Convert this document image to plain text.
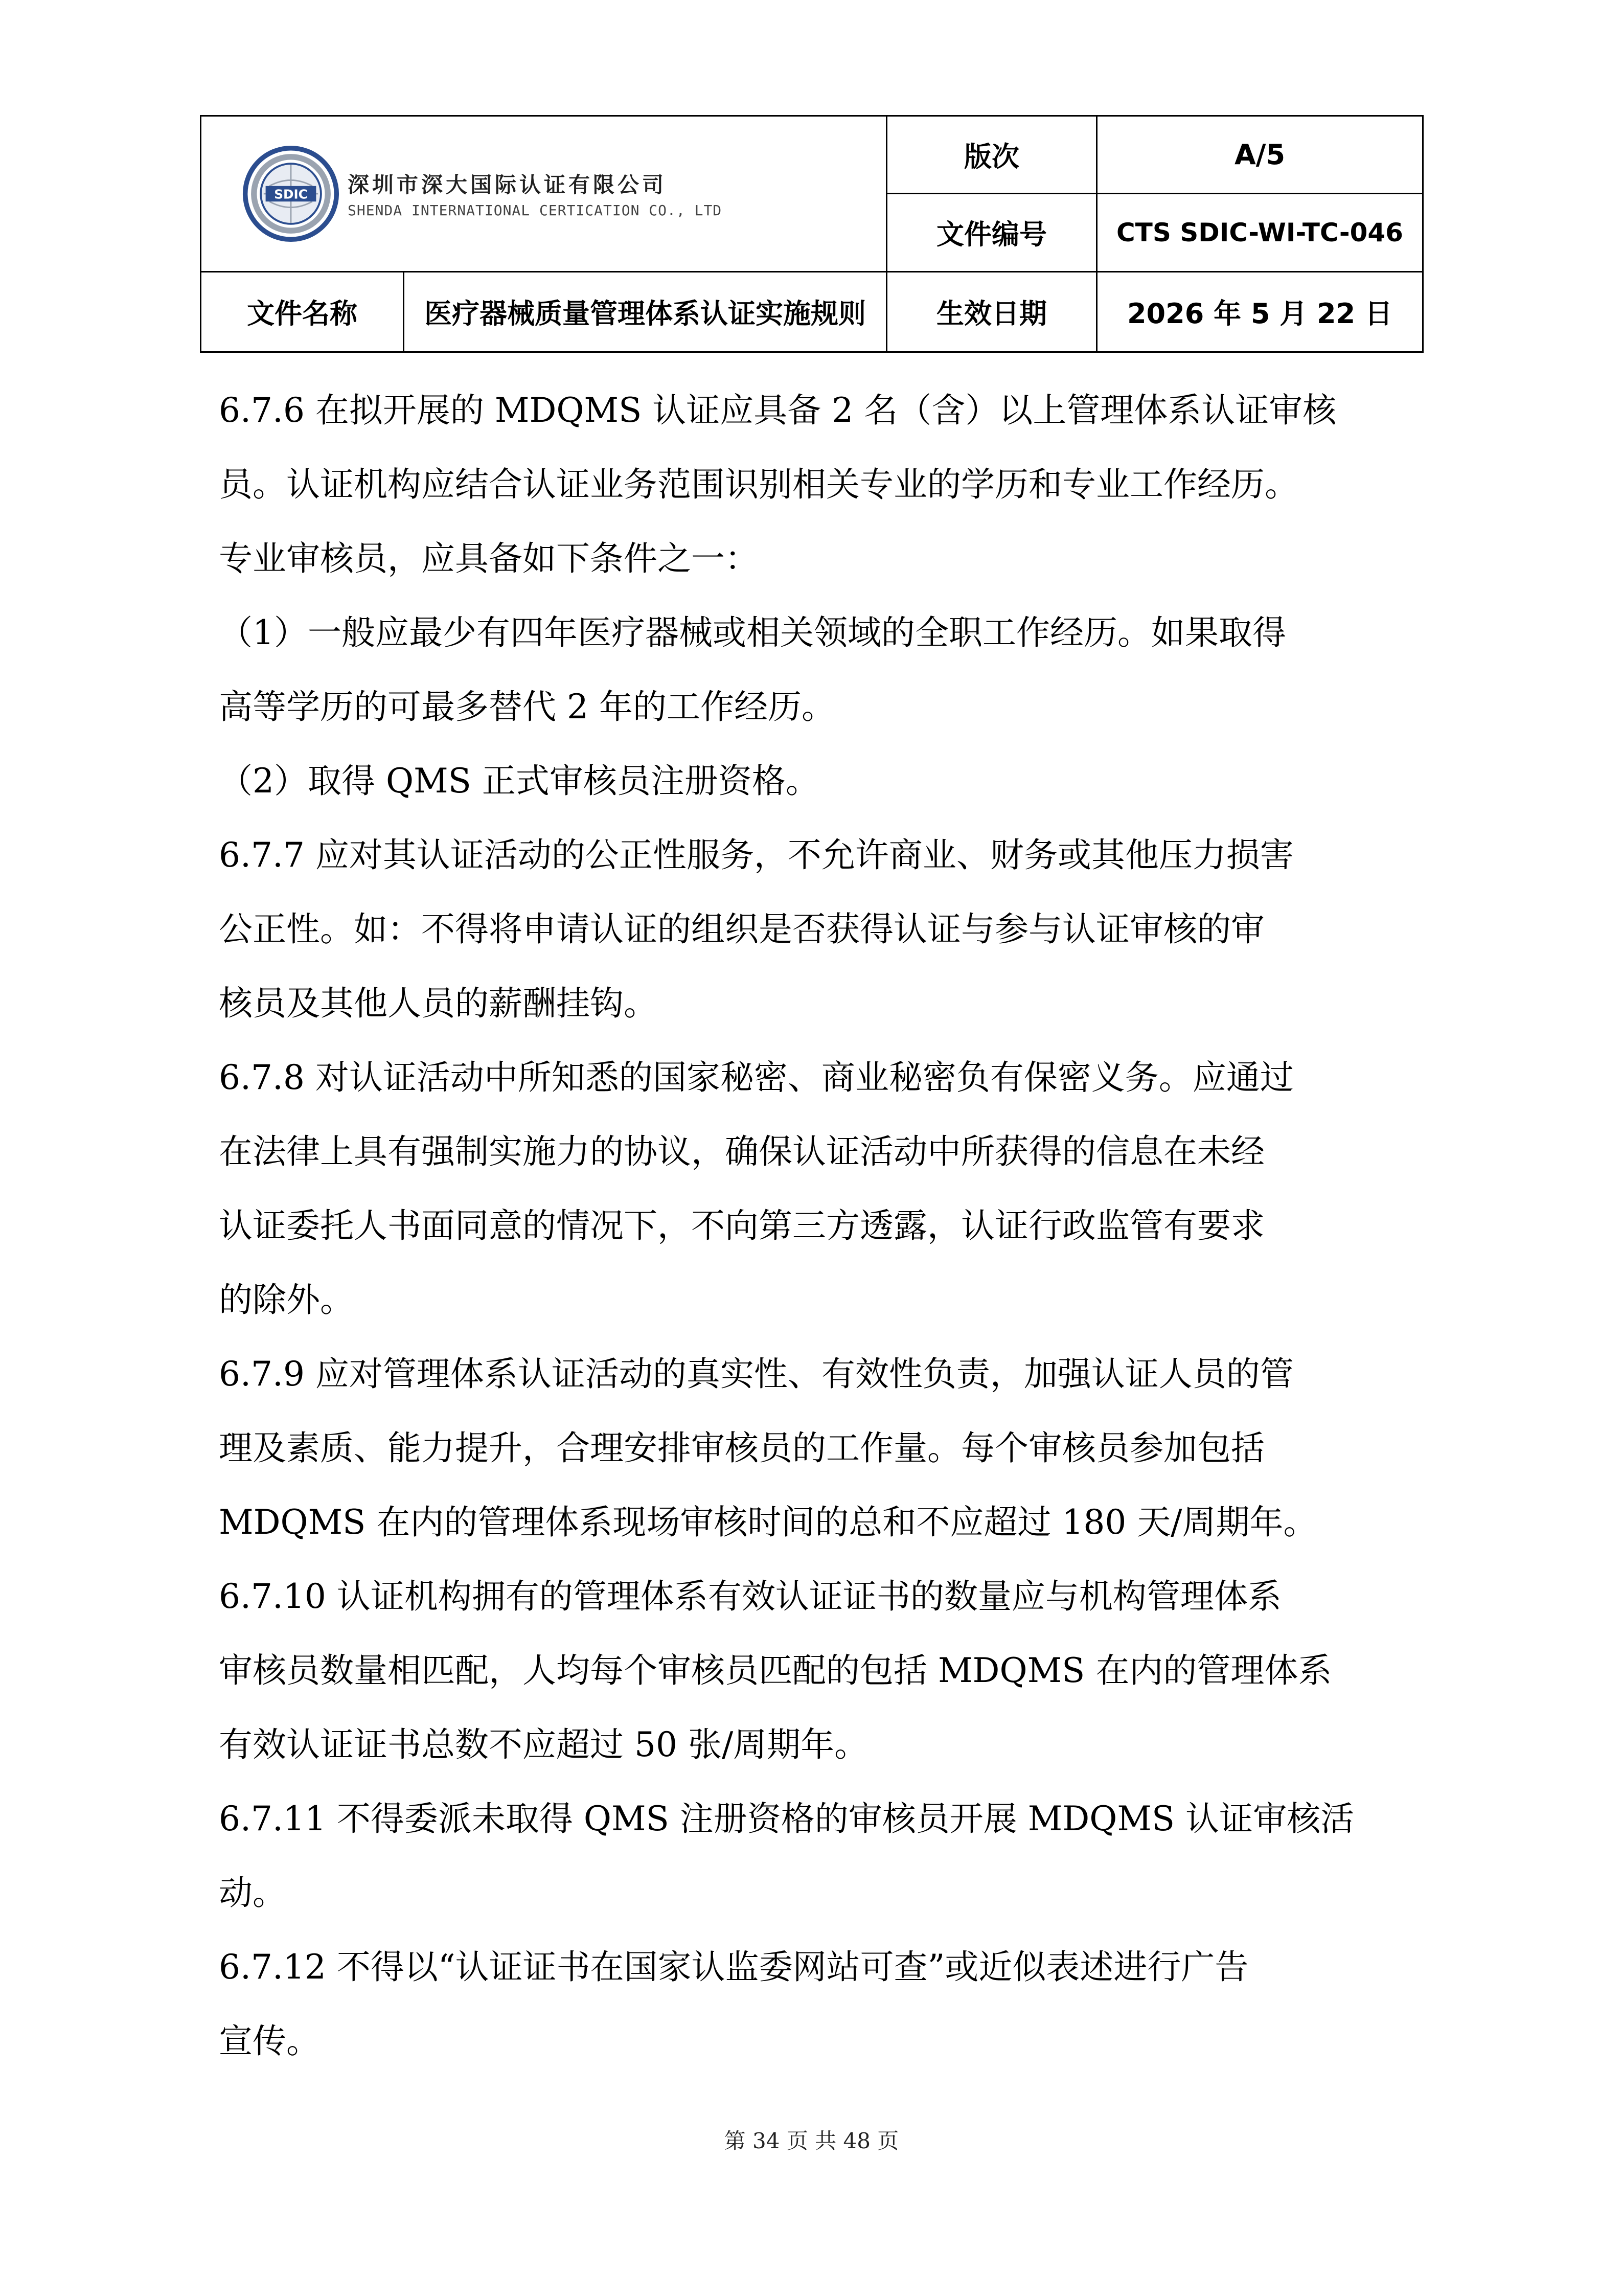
SDIC 深圳市深大国际认证有限公司
SHENDA INTERNATIONAL CERTICATION CO., LTD		版次	A/5
		文件编号	CTS SDIC-WI-TC-046
文件名称	医疗器械质量管理体系认证实施规则	生效日期	2026 年 5 月 22 日

6.7.6 在拟开展的 MDQMS 认证应具备 2 名（含）以上管理体系认证审核

员。认证机构应结合认证业务范围识别相关专业的学历和专业工作经历。

专业审核员，应具备如下条件之一：

（1）一般应最少有四年医疗器械或相关领域的全职工作经历。如果取得

高等学历的可最多替代 2 年的工作经历。

（2）取得 QMS 正式审核员注册资格。

6.7.7 应对其认证活动的公正性服务，不允许商业、财务或其他压力损害

公正性。如：不得将申请认证的组织是否获得认证与参与认证审核的审

核员及其他人员的薪酬挂钩。

6.7.8 对认证活动中所知悉的国家秘密、商业秘密负有保密义务。应通过

在法律上具有强制实施力的协议，确保认证活动中所获得的信息在未经

认证委托人书面同意的情况下，不向第三方透露，认证行政监管有要求

的除外。

6.7.9 应对管理体系认证活动的真实性、有效性负责，加强认证人员的管

理及素质、能力提升，合理安排审核员的工作量。每个审核员参加包括

MDQMS 在内的管理体系现场审核时间的总和不应超过 180 天/周期年。

6.7.10 认证机构拥有的管理体系有效认证证书的数量应与机构管理体系

审核员数量相匹配，人均每个审核员匹配的包括 MDQMS 在内的管理体系

有效认证证书总数不应超过 50 张/周期年。

6.7.11 不得委派未取得 QMS 注册资格的审核员开展 MDQMS 认证审核活

动。

6.7.12 不得以“认证证书在国家认监委网站可查”或近似表述进行广告

宣传。

第 34 页 共 48 页
